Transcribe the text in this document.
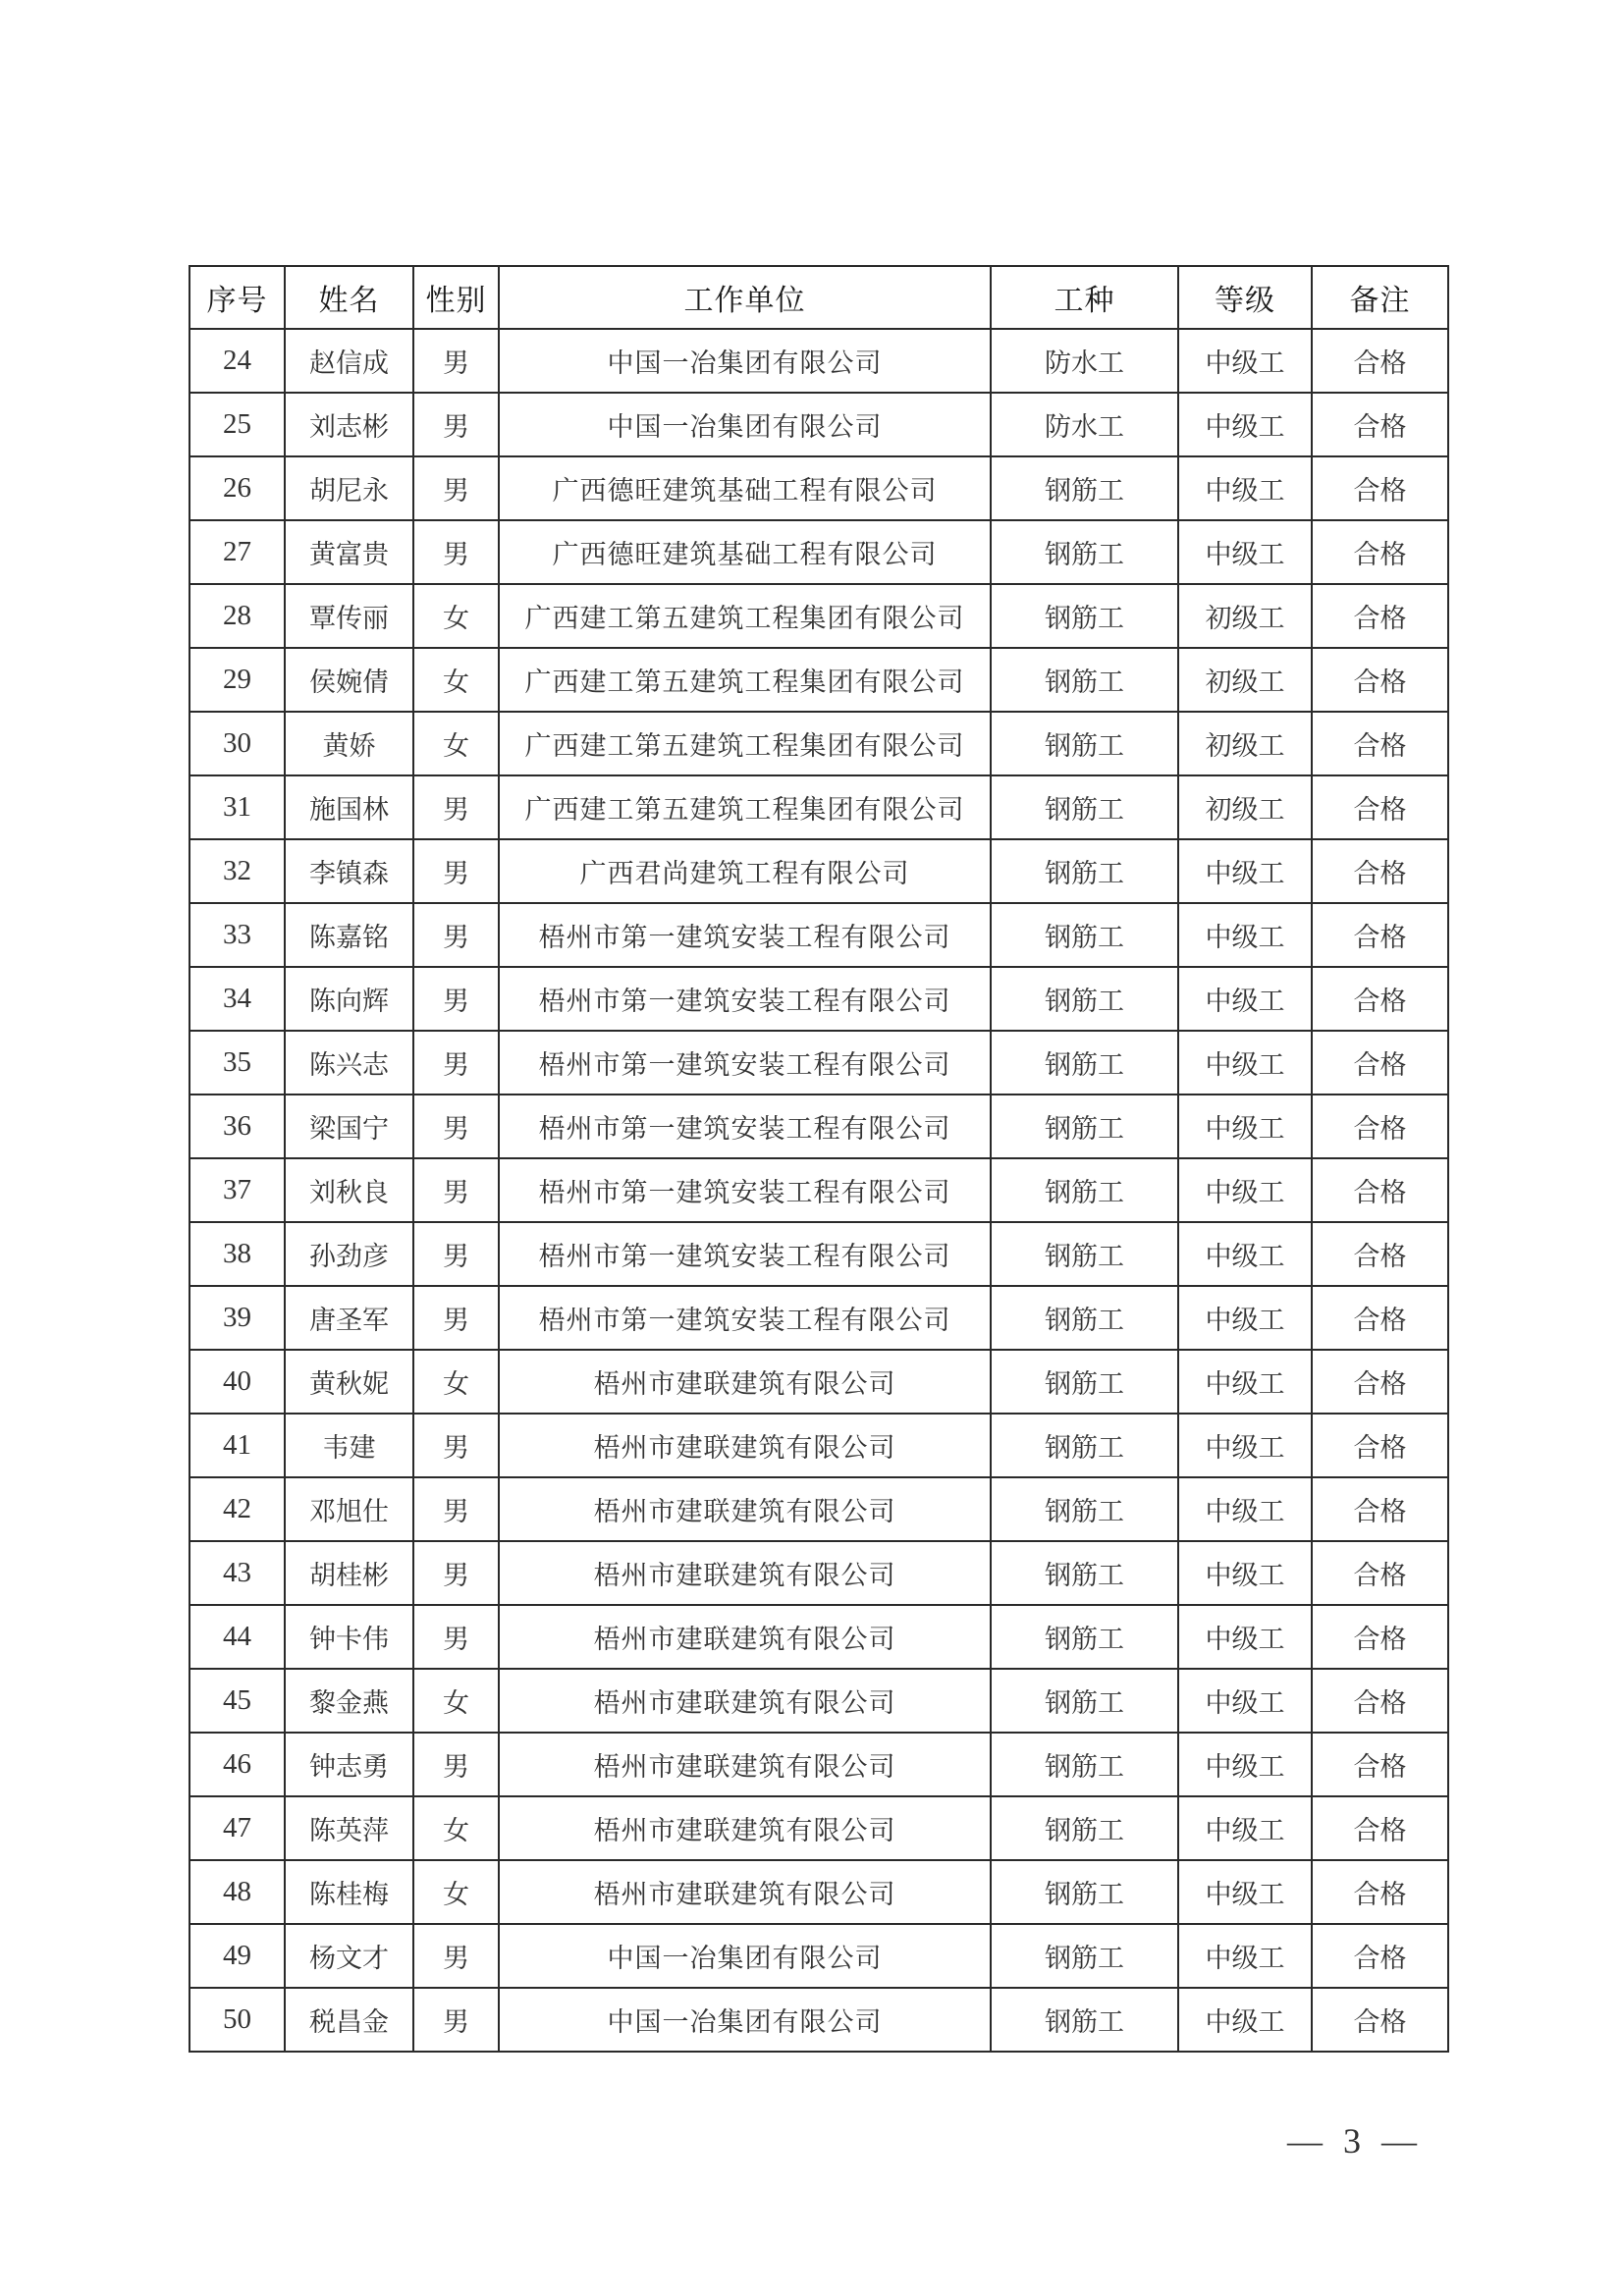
序号	姓名	性别	工作单位	工种	等级	备注
24	赵信成	男	中国一冶集团有限公司	防水工	中级工	合格
25	刘志彬	男	中国一冶集团有限公司	防水工	中级工	合格
26	胡尼永	男	广西德旺建筑基础工程有限公司	钢筋工	中级工	合格
27	黄富贵	男	广西德旺建筑基础工程有限公司	钢筋工	中级工	合格
28	覃传丽	女	广西建工第五建筑工程集团有限公司	钢筋工	初级工	合格
29	侯婉倩	女	广西建工第五建筑工程集团有限公司	钢筋工	初级工	合格
30	黄娇	女	广西建工第五建筑工程集团有限公司	钢筋工	初级工	合格
31	施国林	男	广西建工第五建筑工程集团有限公司	钢筋工	初级工	合格
32	李镇森	男	广西君尚建筑工程有限公司	钢筋工	中级工	合格
33	陈嘉铭	男	梧州市第一建筑安装工程有限公司	钢筋工	中级工	合格
34	陈向辉	男	梧州市第一建筑安装工程有限公司	钢筋工	中级工	合格
35	陈兴志	男	梧州市第一建筑安装工程有限公司	钢筋工	中级工	合格
36	梁国宁	男	梧州市第一建筑安装工程有限公司	钢筋工	中级工	合格
37	刘秋良	男	梧州市第一建筑安装工程有限公司	钢筋工	中级工	合格
38	孙劲彦	男	梧州市第一建筑安装工程有限公司	钢筋工	中级工	合格
39	唐圣军	男	梧州市第一建筑安装工程有限公司	钢筋工	中级工	合格
40	黄秋妮	女	梧州市建联建筑有限公司	钢筋工	中级工	合格
41	韦建	男	梧州市建联建筑有限公司	钢筋工	中级工	合格
42	邓旭仕	男	梧州市建联建筑有限公司	钢筋工	中级工	合格
43	胡桂彬	男	梧州市建联建筑有限公司	钢筋工	中级工	合格
44	钟卡伟	男	梧州市建联建筑有限公司	钢筋工	中级工	合格
45	黎金燕	女	梧州市建联建筑有限公司	钢筋工	中级工	合格
46	钟志勇	男	梧州市建联建筑有限公司	钢筋工	中级工	合格
47	陈英萍	女	梧州市建联建筑有限公司	钢筋工	中级工	合格
48	陈桂梅	女	梧州市建联建筑有限公司	钢筋工	中级工	合格
49	杨文才	男	中国一冶集团有限公司	钢筋工	中级工	合格
50	税昌金	男	中国一冶集团有限公司	钢筋工	中级工	合格
— 3 —
